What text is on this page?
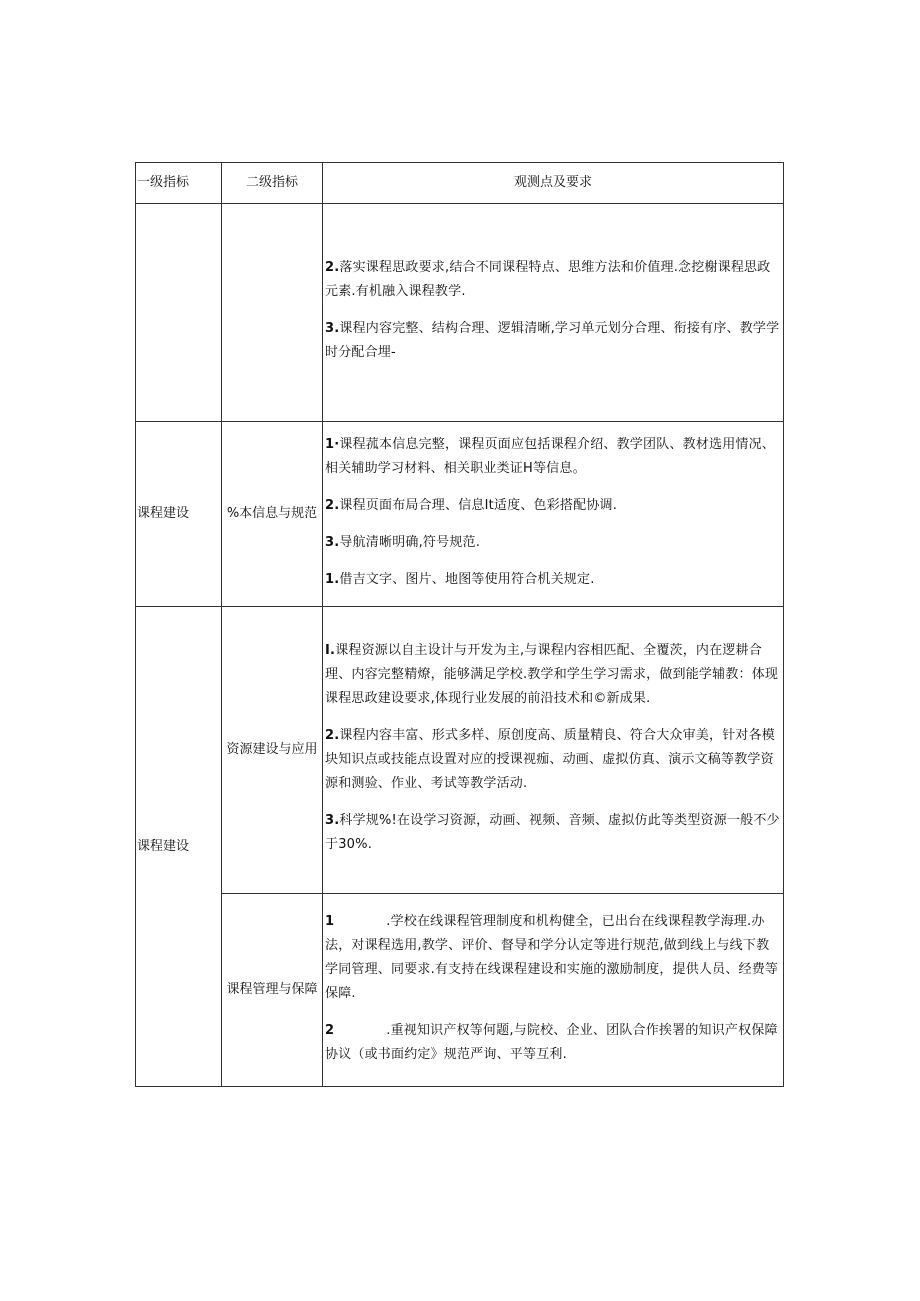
一级指标	二级指标	观测点及要求

		2.落实课程思政要求,结合不同课程特点、思维方法和价值理.念挖榭课程思政元素.有机融入课程教学.
3.课程内容完整、结构合理、逻辑清晰,学习单元划分合理、衔接有序、教学学时分配合埋-

课程建设	%本信息与规范	1·课程菰本信息完整，课程页面应包括课程介绍、教学团队、教材选用情况、相关辅助学习材料、相关职业类证H等信息。
2.课程页面布局合理、信息It适度、色彩搭配协调.
3.导航清晰明确,符号规范.
1.借吉文字、图片、地图等使用符合机关规定.

课程建设	资源建设与应用	I.课程资源以自主设计与开发为主,与课程内容相匹配、全覆茨，内在逻耕合理、内容完整精燎，能够满足学校.教学和学生学习需求，做到能学辅教：体现课程思政建设要求,体现行业发展的前沿技术和©新成果.
2.课程内容丰富、形式多样、原创度高、质量精良、符合大众审美，针对各模块知识点或技能点设置对应的授课视痂、动画、虚拟仿真、演示文稿等教学资源和测验、作业、考试等教学活动.
3.科学规%!在设学习资源，动画、视频、音频、虚拟仿此等类型资源一般不少于30%.

	课程管理与保障	1 .学校在线课程管理制度和机构健全，已出台在线课程教学海理.办法，对课程选用,教学、评价、督导和学分认定等进行规范,做到线上与线下教学同管理、同要求.有支持在线课程建设和实施的激励制度，提供人员、经费等保障.
2 .重视知识产权等何题,与院校、企业、团队合作挨署的知识产权保障协议（或书面约定》规范严询、平等互利.
